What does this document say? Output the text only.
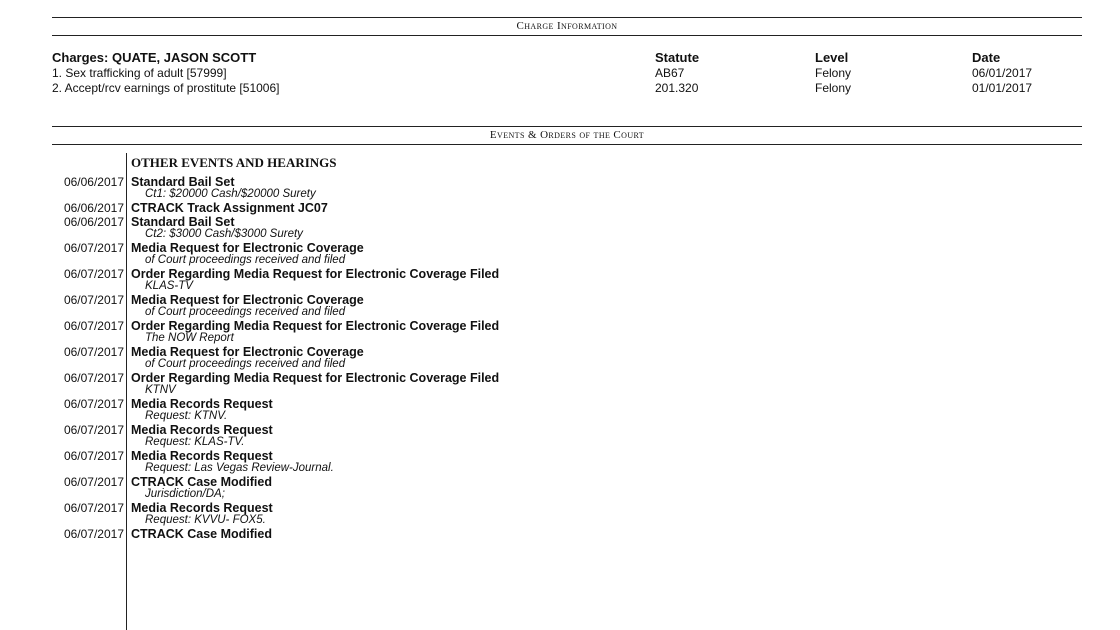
Charge Information
Charges: QUATE, JASON SCOTT	Statute	Level	Date
1. Sex trafficking of adult [57999]	AB67	Felony	06/01/2017
2. Accept/rcv earnings of prostitute [51006]	201.320	Felony	01/01/2017
Events & Orders of the Court
OTHER EVENTS AND HEARINGS
06/06/2017 Standard Bail Set
Ct1: $20000 Cash/$20000 Surety
06/06/2017 CTRACK Track Assignment JC07
06/06/2017 Standard Bail Set
Ct2: $3000 Cash/$3000 Surety
06/07/2017 Media Request for Electronic Coverage
of Court proceedings received and filed
06/07/2017 Order Regarding Media Request for Electronic Coverage Filed
KLAS-TV
06/07/2017 Media Request for Electronic Coverage
of Court proceedings received and filed
06/07/2017 Order Regarding Media Request for Electronic Coverage Filed
The NOW Report
06/07/2017 Media Request for Electronic Coverage
of Court proceedings received and filed
06/07/2017 Order Regarding Media Request for Electronic Coverage Filed
KTNV
06/07/2017 Media Records Request
Request: KTNV.
06/07/2017 Media Records Request
Request: KLAS-TV.
06/07/2017 Media Records Request
Request: Las Vegas Review-Journal.
06/07/2017 CTRACK Case Modified
Jurisdiction/DA;
06/07/2017 Media Records Request
Request: KVVU- FOX5.
06/07/2017 CTRACK Case Modified
